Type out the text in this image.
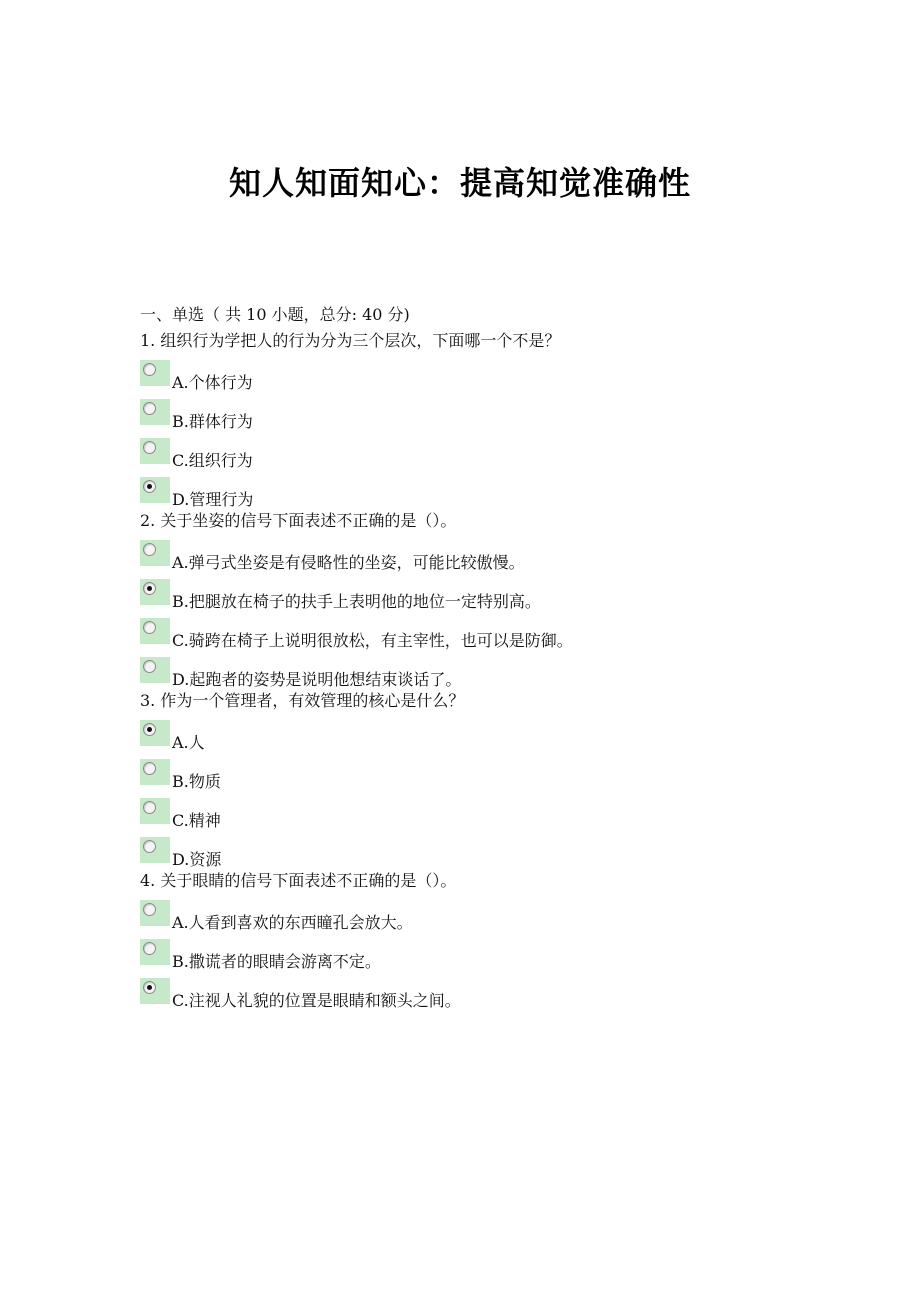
知人知面知心：提高知觉准确性
一、单选（ 共 10 小题，总分: 40 分)
1. 组织行为学把人的行为分为三个层次，下面哪一个不是？
A.个体行为
B.群体行为
C.组织行为
D.管理行为
2. 关于坐姿的信号下面表述不正确的是（）。
A.弹弓式坐姿是有侵略性的坐姿，可能比较傲慢。
B.把腿放在椅子的扶手上表明他的地位一定特别高。
C.骑跨在椅子上说明很放松，有主宰性，也可以是防御。
D.起跑者的姿势是说明他想结束谈话了。
3. 作为一个管理者，有效管理的核心是什么？
A.人
B.物质
C.精神
D.资源
4. 关于眼睛的信号下面表述不正确的是（）。
A.人看到喜欢的东西瞳孔会放大。
B.撒谎者的眼睛会游离不定。
C.注视人礼貌的位置是眼睛和额头之间。
